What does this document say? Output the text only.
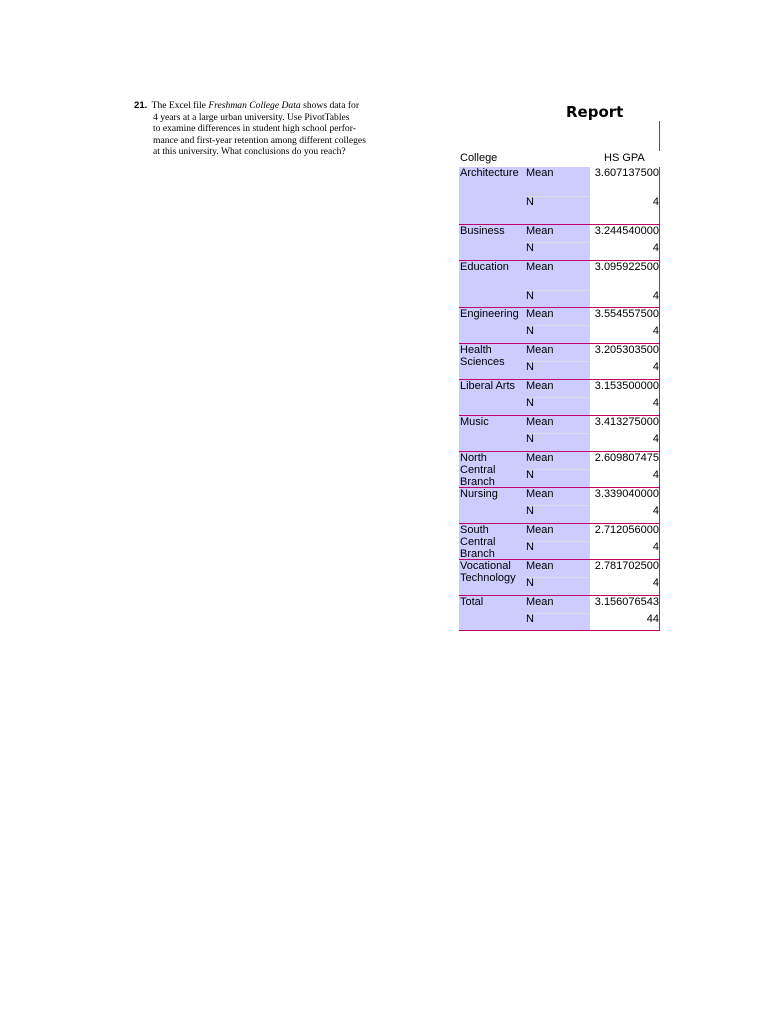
21. The Excel file Freshman College Data shows data for
4 years at a large urban university. Use PivotTables
to examine differences in student high school perfor-
mance and first-year retention among different colleges
at this university. What conclusions do you reach?
Report
College	HS GPA
Architecture Mean	3.607137500
N	4
Business	Mean	3.244540000
N	4
Education	Mean	3.095922500
N	4
Engineering Mean	3.554557500
N	4
Health Sciences
Mean	3.205303500
N	4
Liberal Arts Mean	3.153500000
N	4
Music	Mean	3.413275000
N	4
North Central Branch
Mean	2.609807475
N	4
Nursing	Mean	3.339040000
N	4
South Central Branch
Mean	2.712056000
N	4
Vocational Technology
Mean	2.781702500
N	4
Total	Mean	3.156076543
N	44
